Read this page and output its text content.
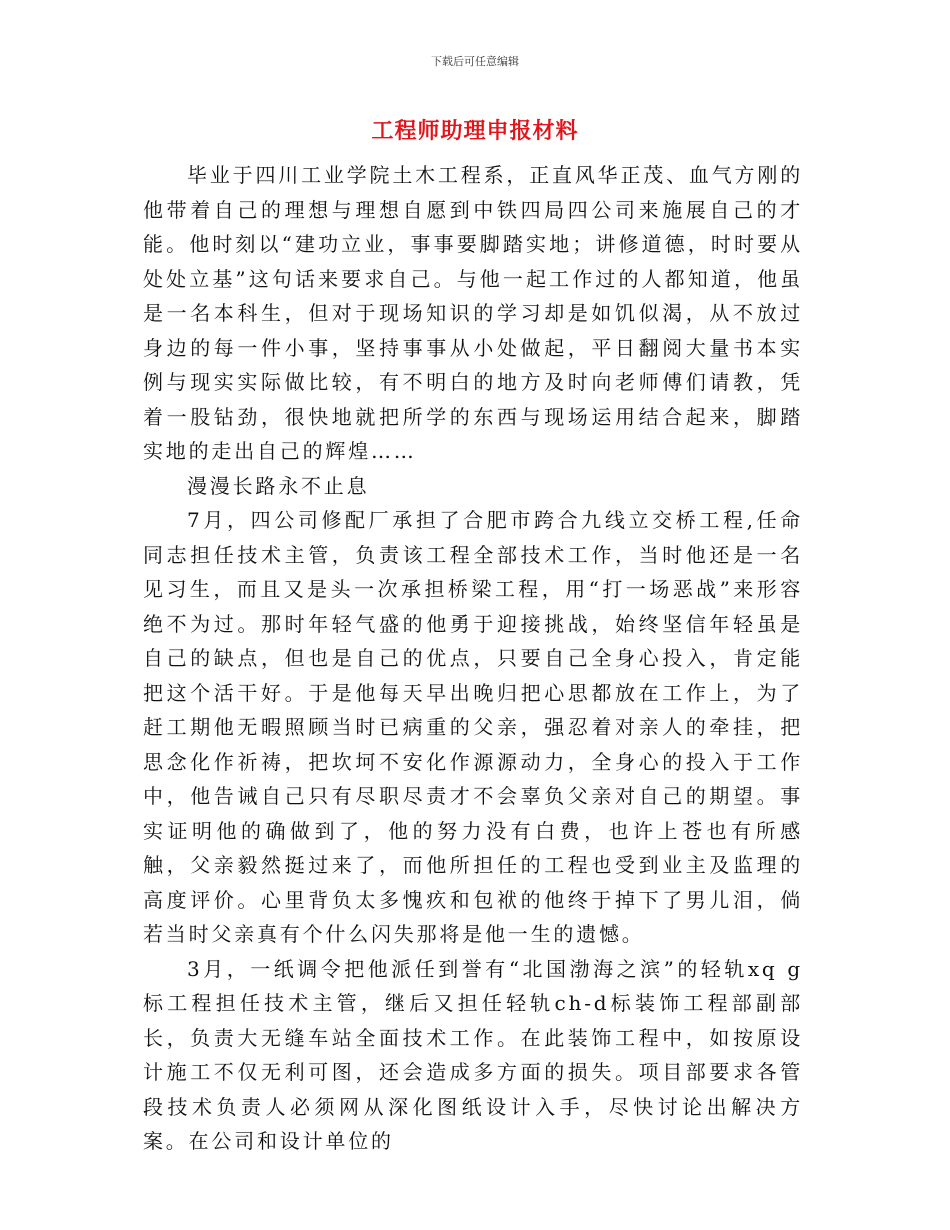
下载后可任意编辑
工程师助理申报材料

毕业于四川工业学院土木工程系，正直风华正茂、血气方刚的他带着自己的理想与理想自愿到中铁四局四公司来施展自己的才能。他时刻以“建功立业，事事要脚踏实地；讲修道德，时时要从处处立基”这句话来要求自己。与他一起工作过的人都知道，他虽是一名本科生，但对于现场知识的学习却是如饥似渴，从不放过身边的每一件小事，坚持事事从小处做起，平日翻阅大量书本实例与现实实际做比较，有不明白的地方及时向老师傅们请教，凭着一股钻劲，很快地就把所学的东西与现场运用结合起来，脚踏实地的走出自己的辉煌……

漫漫长路永不止息

7月，四公司修配厂承担了合肥市跨合九线立交桥工程,任命同志担任技术主管，负责该工程全部技术工作，当时他还是一名见习生，而且又是头一次承担桥梁工程，用“打一场恶战”来形容绝不为过。那时年轻气盛的他勇于迎接挑战，始终坚信年轻虽是自己的缺点，但也是自己的优点，只要自己全身心投入，肯定能把这个活干好。于是他每天早出晚归把心思都放在工作上，为了赶工期他无暇照顾当时已病重的父亲，强忍着对亲人的牵挂，把思念化作祈祷，把坎坷不安化作源源动力，全身心的投入于工作中，他告诫自己只有尽职尽责才不会辜负父亲对自己的期望。事实证明他的确做到了，他的努力没有白费，也许上苍也有所感触，父亲毅然挺过来了，而他所担任的工程也受到业主及监理的高度评价。心里背负太多愧疚和包袱的他终于掉下了男儿泪，倘若当时父亲真有个什么闪失那将是他一生的遗憾。

3月，一纸调令把他派任到誉有“北国渤海之滨”的轻轨xq g标工程担任技术主管，继后又担任轻轨ch-d标装饰工程部副部长，负责大无缝车站全面技术工作。在此装饰工程中，如按原设计施工不仅无利可图，还会造成多方面的损失。项目部要求各管段技术负责人必须网从深化图纸设计入手，尽快讨论出解决方案。在公司和设计单位的
